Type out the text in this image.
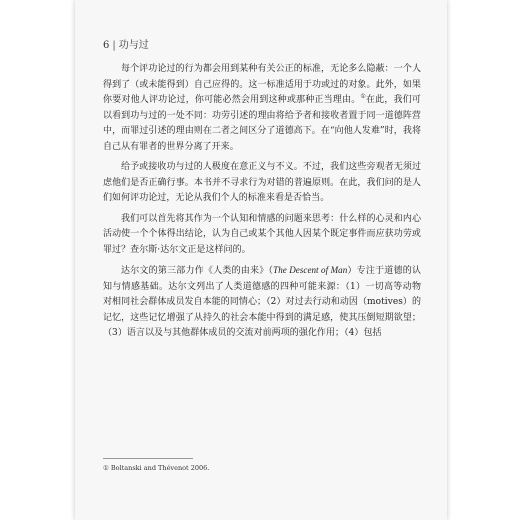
6 | 功与过

每个评功论过的行为都会用到某种有关公正的标准，无论多么隐蔽：一个人得到了（或未能得到）自己应得的。这一标准适用于功或过的对象。此外，如果你要对他人评功论过，你可能必然会用到这种或那种正当理由。①在此，我们可以看到功与过的一处不同：功劳引述的理由将给予者和接收者置于同一道德阵营中，而罪过引述的理由则在二者之间区分了道德高下。在“向他人发难”时，我将自己从有罪者的世界分离了开来。

给予或接收功与过的人极度在意正义与不义。不过，我们这些旁观者无须过虑他们是否正确行事。本书并不寻求行为对错的普遍原则。在此，我们问的是人们如何评功论过，无论从我们个人的标准来看是否恰当。

我们可以首先将其作为一个认知和情感的问题来思考：什么样的心灵和内心活动使一个个体得出结论，认为自己或某个其他人因某个既定事件而应获功劳或罪过？查尔斯·达尔文正是这样问的。

达尔文的第三部力作《人类的由来》（The Descent of Man）专注于道德的认知与情感基础。达尔文列出了人类道德感的四种可能来源：（1）一切高等动物对相同社会群体成员发自本能的同情心；（2）对过去行动和动因（motives）的记忆，这些记忆增强了从持久的社会本能中得到的满足感，使其压倒短期欲望；（3）语言以及与其他群体成员的交流对前两项的强化作用；（4）包括

① Boltanski and Thévenot 2006.
